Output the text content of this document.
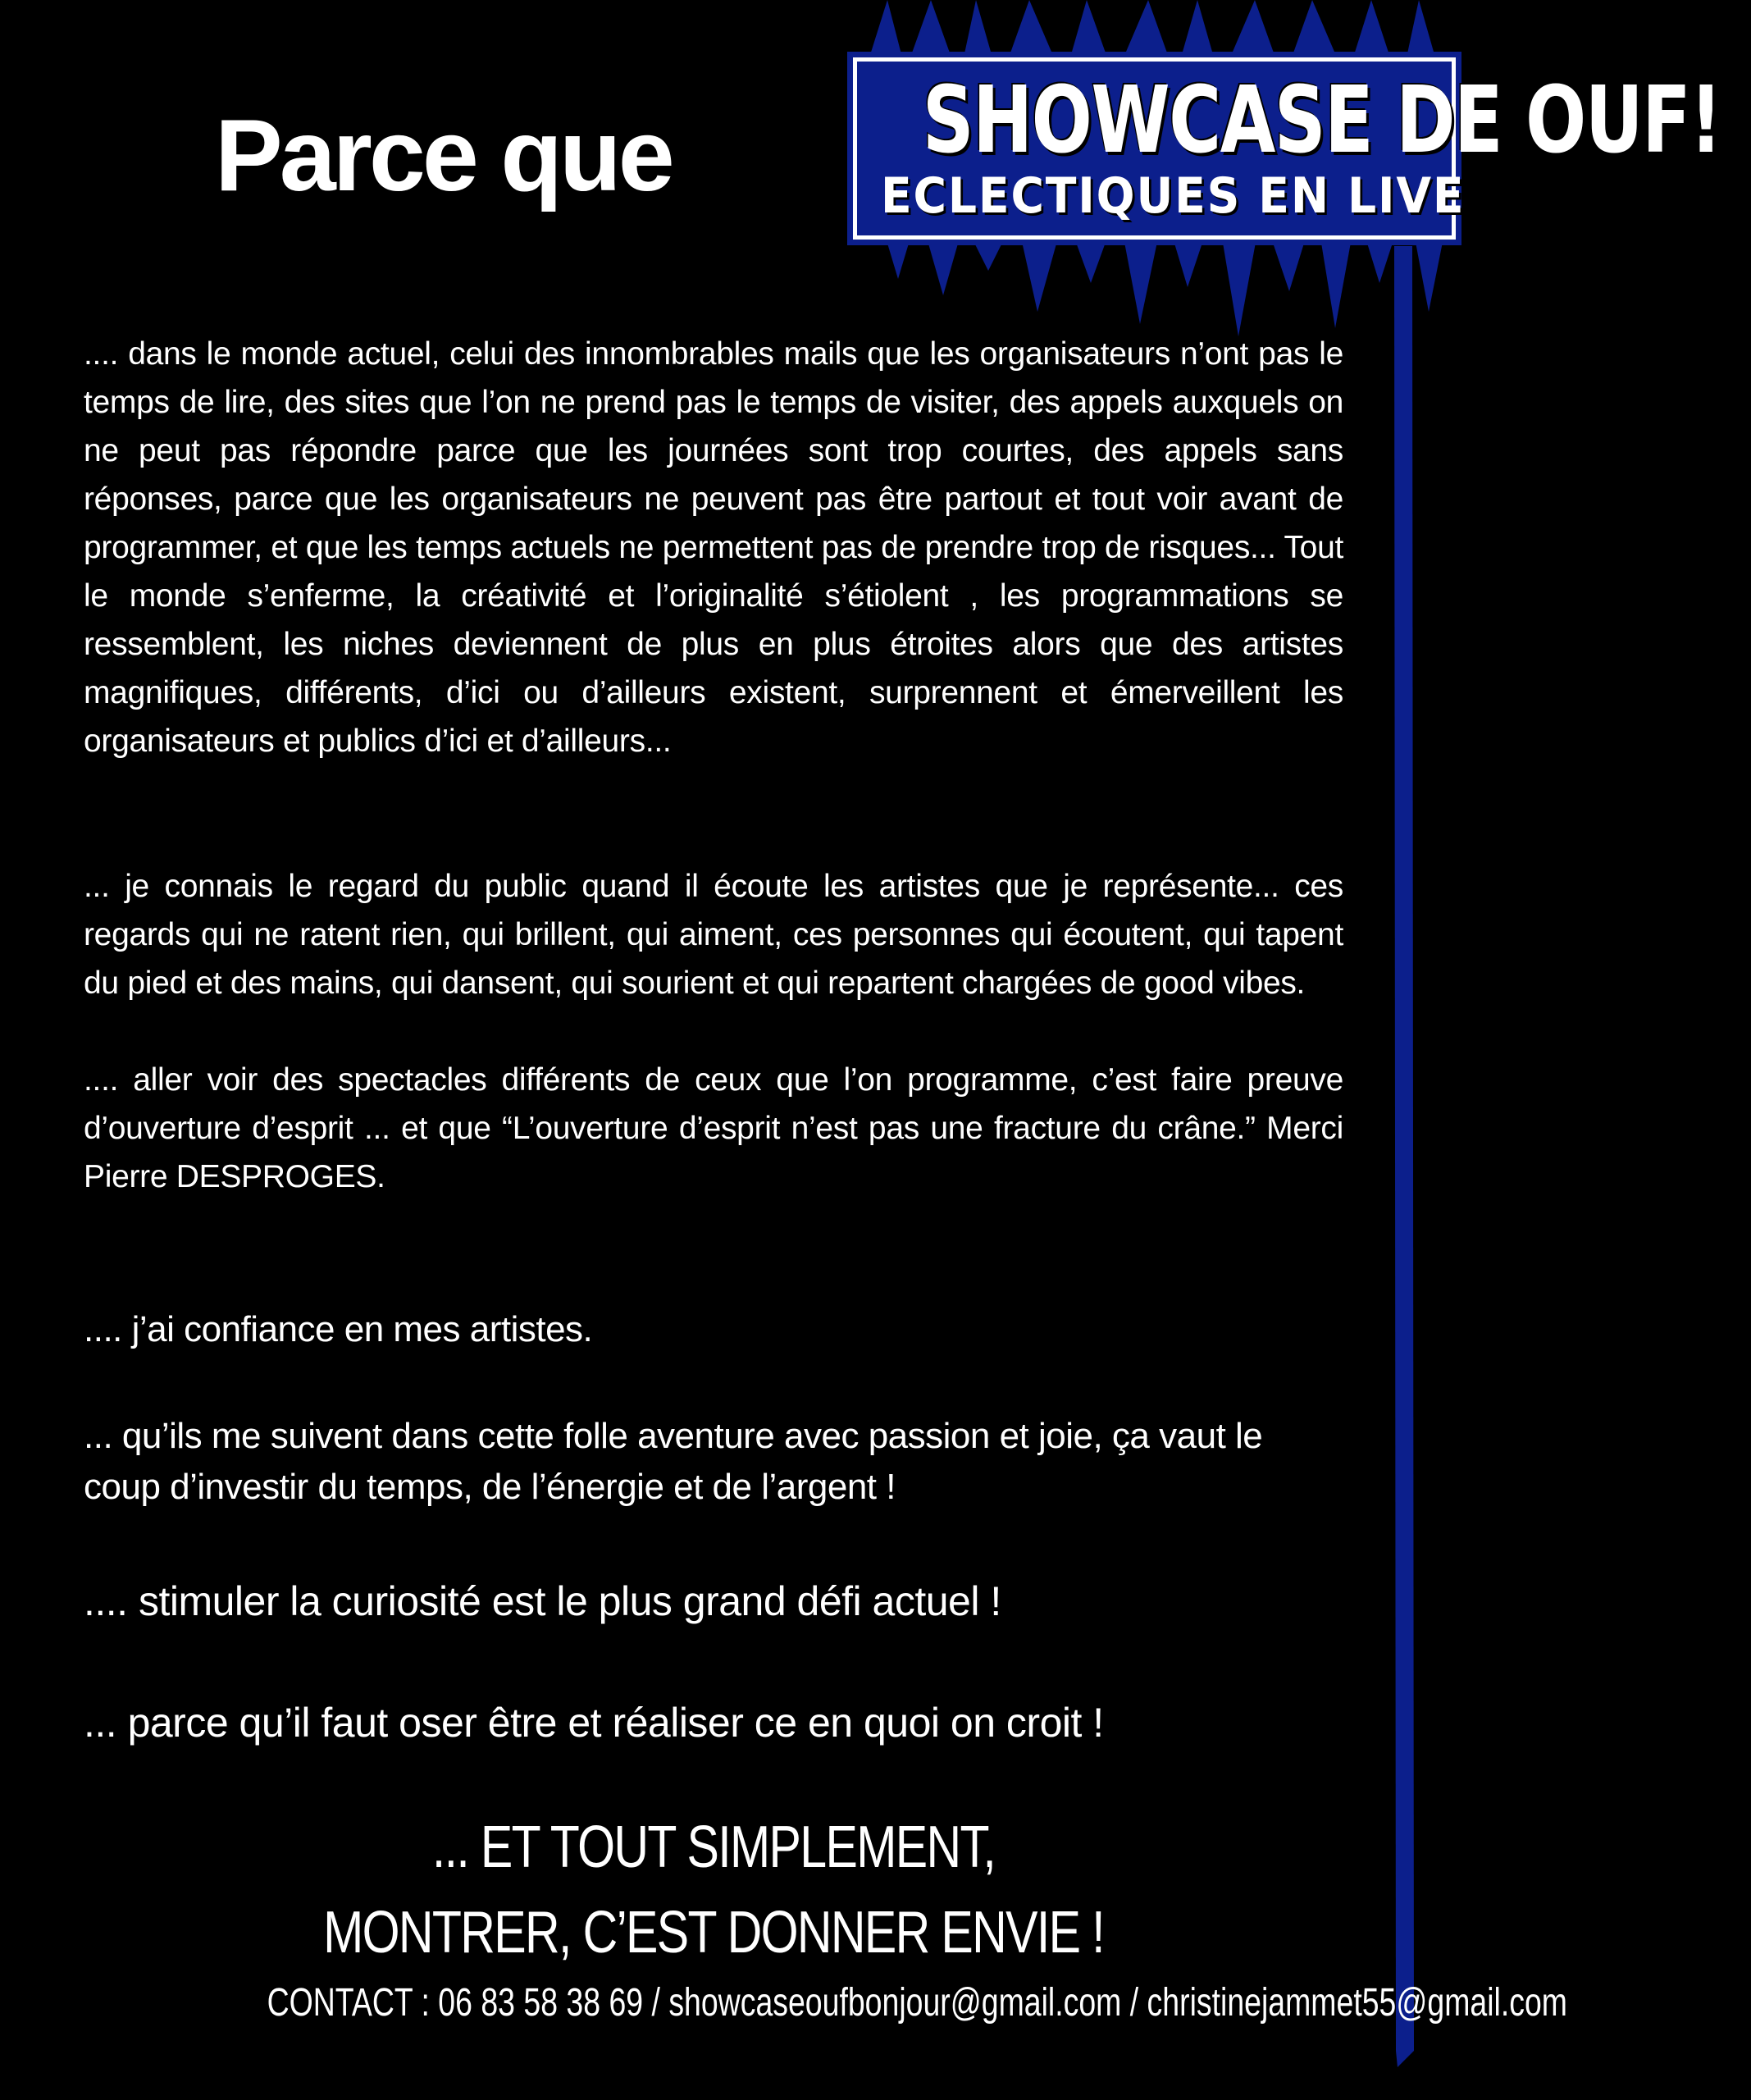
SHOWCASE DE OUF!
ECLECTIQUES EN LIVE
Parce que

.... dans le monde actuel, celui des innombrables mails que les organisateurs n’ont pas le temps de lire, des sites que l’on ne prend pas le temps de visiter, des appels auxquels on ne peut pas répondre parce que les journées sont trop courtes, des appels sans réponses, parce que les organisateurs ne peuvent pas être partout et tout voir avant de programmer, et que les temps actuels ne permettent pas de prendre trop de risques... Tout le monde s’enferme, la créativité et l’originalité s’étiolent , les programmations se ressemblent, les niches deviennent de plus en plus étroites alors que des artistes magnifiques, différents, d’ici ou d’ailleurs existent, surprennent et émerveillent les organisateurs et publics d’ici et d’ailleurs...

... je connais le regard du public quand il écoute les artistes que je représente... ces regards qui ne ratent rien, qui brillent, qui aiment, ces personnes qui écoutent, qui tapent du pied et des mains, qui dansent, qui sourient et qui repartent chargées de good vibes.

.... aller voir des spectacles différents de ceux que l’on programme, c’est faire preuve d’ouverture d’esprit ... et que “L’ouverture d’esprit n’est pas une fracture du crâne.” Merci Pierre DESPROGES.

.... j’ai confiance en mes artistes.

... qu’ils me suivent dans cette folle aventure avec passion et joie, ça vaut le coup d’investir du temps, de l’énergie et de l’argent !

.... stimuler la curiosité est le plus grand défi actuel !

... parce qu’il faut oser être et réaliser ce en quoi on croit !

... ET TOUT SIMPLEMENT,
MONTRER, C’EST DONNER ENVIE !

CONTACT : 06 83 58 38 69 / showcaseoufbonjour@gmail.com / christinejammet55@gmail.com
